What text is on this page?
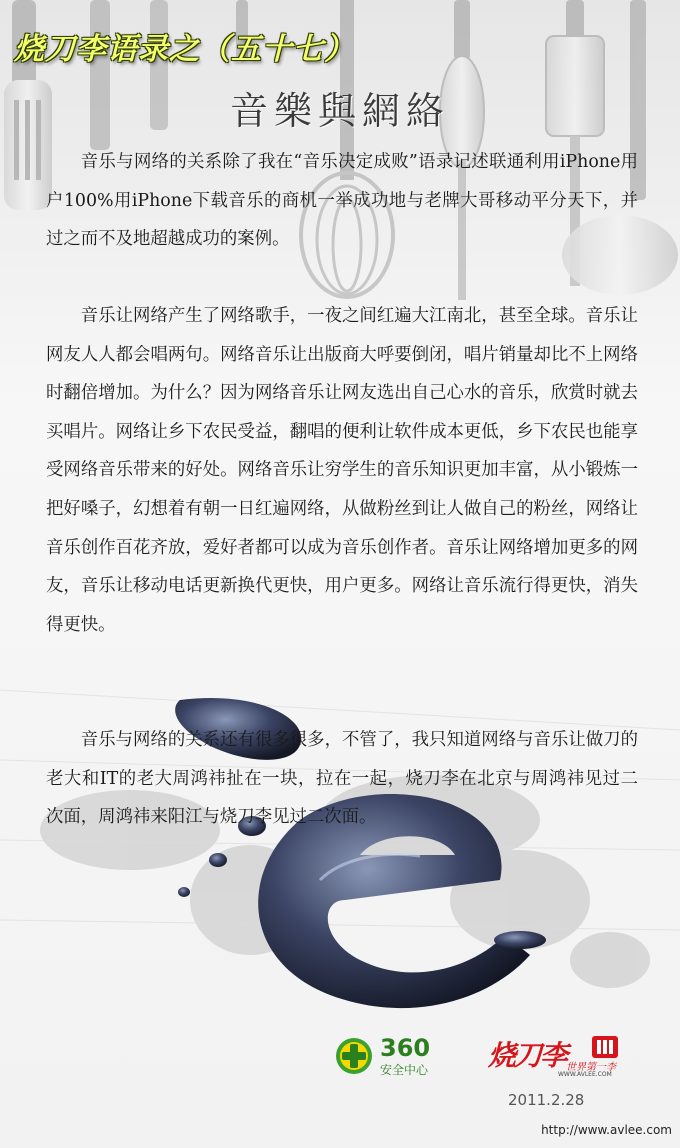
烧刀李语录之（五十七）
音樂與網絡

音乐与网络的关系除了我在“音乐决定成败”语录记述联通利用iPhone用户100%用iPhone下载音乐的商机一举成功地与老牌大哥移动平分天下，并过之而不及地超越成功的案例。

音乐让网络产生了网络歌手，一夜之间红遍大江南北，甚至全球。音乐让网友人人都会唱两句。网络音乐让出版商大呼要倒闭，唱片销量却比不上网络时翻倍增加。为什么？因为网络音乐让网友选出自己心水的音乐，欣赏时就去买唱片。网络让乡下农民受益，翻唱的便利让软件成本更低，乡下农民也能享受网络音乐带来的好处。网络音乐让穷学生的音乐知识更加丰富，从小锻炼一把好嗓子，幻想着有朝一日红遍网络，从做粉丝到让人做自己的粉丝，网络让音乐创作百花齐放，爱好者都可以成为音乐创作者。音乐让网络增加更多的网友，音乐让移动电话更新换代更快，用户更多。网络让音乐流行得更快，消失得更快。

音乐与网络的关系还有很多很多，不管了，我只知道网络与音乐让做刀的老大和IT的老大周鸿祎扯在一块，拉在一起，烧刀李在北京与周鸿祎见过二次面，周鸿祎来阳江与烧刀李见过二次面。

360
安全中心 烧刀李 世界第一李
WWW.AVLEE.COM
2011.2.28
http://www.avlee.com
